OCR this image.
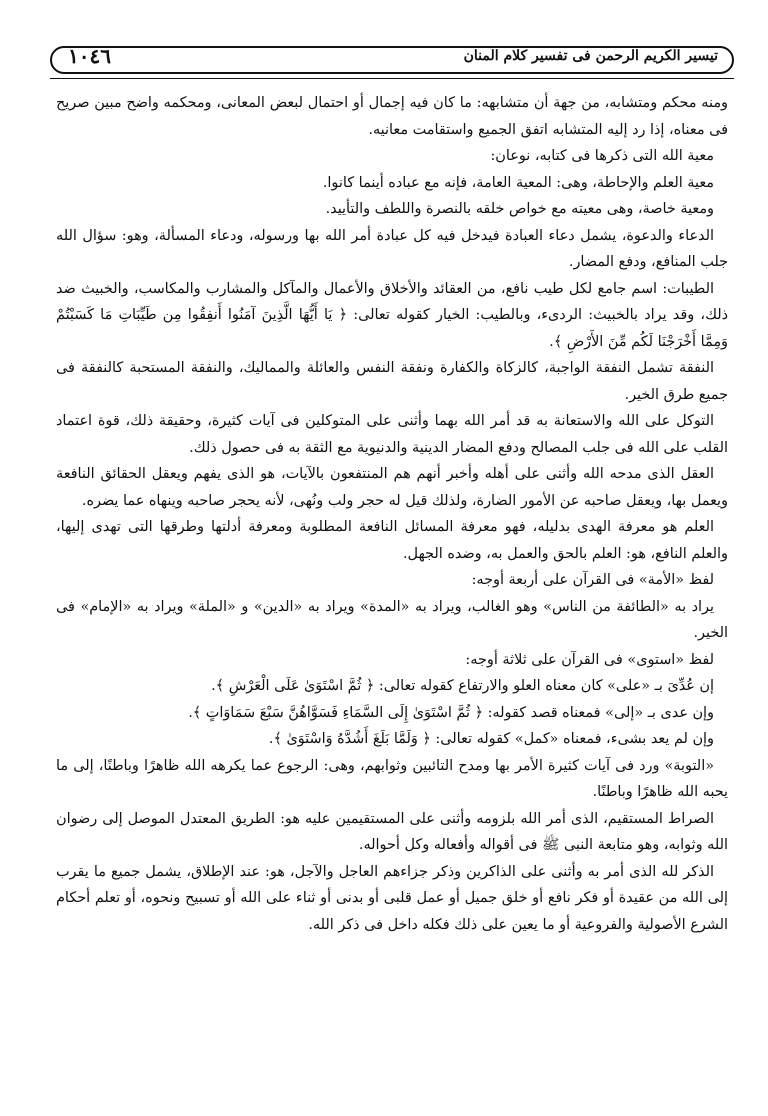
تيسير الكريم الرحمن فى تفسير كلام المنان
١٠٤٦

ومنه محكم ومتشابه، من جهة أن متشابهه: ما كان فيه إجمال أو احتمال لبعض المعانى، ومحكمه واضح مبين صريح فى معناه، إذا رد إليه المتشابه اتفق الجميع واستقامت معانيه.

معية الله التى ذكرها فى كتابه، نوعان:

معية العلم والإحاطة، وهى: المعية العامة، فإنه مع عباده أينما كانوا.

ومعية خاصة، وهى معيته مع خواص خلقه بالنصرة واللطف والتأييد.

الدعاء والدعوة، يشمل دعاء العبادة فيدخل فيه كل عبادة أمر الله بها ورسوله، ودعاء المسألة، وهو: سؤال الله جلب المنافع، ودفع المضار.

الطيبات: اسم جامع لكل طيب نافع، من العقائد والأخلاق والأعمال والمآكل والمشارب والمكاسب، والخبيث ضد ذلك، وقد يراد بالخبيث: الردىء، وبالطيب: الخيار كقوله تعالى: ﴿ يَا أَيُّهَا الَّذِينَ آمَنُوا أَنفِقُوا مِن طَيِّبَاتِ مَا كَسَبْتُمْ وَمِمَّا أَخْرَجْنَا لَكُم مِّنَ الأَرْضِ ﴾.

النفقة تشمل النفقة الواجبة، كالزكاة والكفارة ونفقة النفس والعائلة والمماليك، والنفقة المستحبة كالنفقة فى جميع طرق الخير.

التوكل على الله والاستعانة به قد أمر الله بهما وأثنى على المتوكلين فى آيات كثيرة، وحقيقة ذلك، قوة اعتماد القلب على الله فى جلب المصالح ودفع المضار الدينية والدنيوية مع الثقة به فى حصول ذلك.

العقل الذى مدحه الله وأثنى على أهله وأخبر أنهم هم المنتفعون بالآيات، هو الذى يفهم ويعقل الحقائق النافعة ويعمل بها، ويعقل صاحبه عن الأمور الضارة، ولذلك قيل له حجر ولب ونُهى، لأنه يحجر صاحبه وينهاه عما يضره.

العلم هو معرفة الهدى بدليله، فهو معرفة المسائل النافعة المطلوبة ومعرفة أدلتها وطرقها التى تهدى إليها، والعلم النافع، هو: العلم بالحق والعمل به، وضده الجهل.

لفظ «الأمة» فى القرآن على أربعة أوجه:

يراد به «الطائفة من الناس» وهو الغالب، ويراد به «المدة» ويراد به «الدين» و «الملة» ويراد به «الإمام» فى الخير.

لفظ «استوى» فى القرآن على ثلاثة أوجه:

إن عُدِّىَ بـ «على» كان معناه العلو والارتفاع كقوله تعالى: ﴿ ثُمَّ اسْتَوَىٰ عَلَى الْعَرْشِ ﴾.

وإن عدى بـ «إلى» فمعناه قصد كقوله: ﴿ ثُمَّ اسْتَوَىٰ إِلَى السَّمَاءِ فَسَوَّاهُنَّ سَبْعَ سَمَاوَاتٍ ﴾.

وإن لم يعد بشىء، فمعناه «كمل» كقوله تعالى: ﴿ وَلَمَّا بَلَغَ أَشُدَّهُ وَاسْتَوَىٰ ﴾.

«التوبة» ورد فى آيات كثيرة الأمر بها ومدح التائبين وثوابهم، وهى: الرجوع عما يكرهه الله ظاهرًا وباطنًا، إلى ما يحبه الله ظاهرًا وباطنًا.

الصراط المستقيم، الذى أمر الله بلزومه وأثنى على المستقيمين عليه هو: الطريق المعتدل الموصل إلى رضوان الله وثوابه، وهو متابعة النبى ﷺ فى أقواله وأفعاله وكل أحواله.

الذكر لله الذى أمر به وأثنى على الذاكرين وذكر جزاءهم العاجل والآجل، هو: عند الإطلاق، يشمل جميع ما يقرب إلى الله من عقيدة أو فكر نافع أو خلق جميل أو عمل قلبى أو بدنى أو ثناء على الله أو تسبيح ونحوه، أو تعلم أحكام الشرع الأصولية والفروعية أو ما يعين على ذلك فكله داخل فى ذكر الله.
